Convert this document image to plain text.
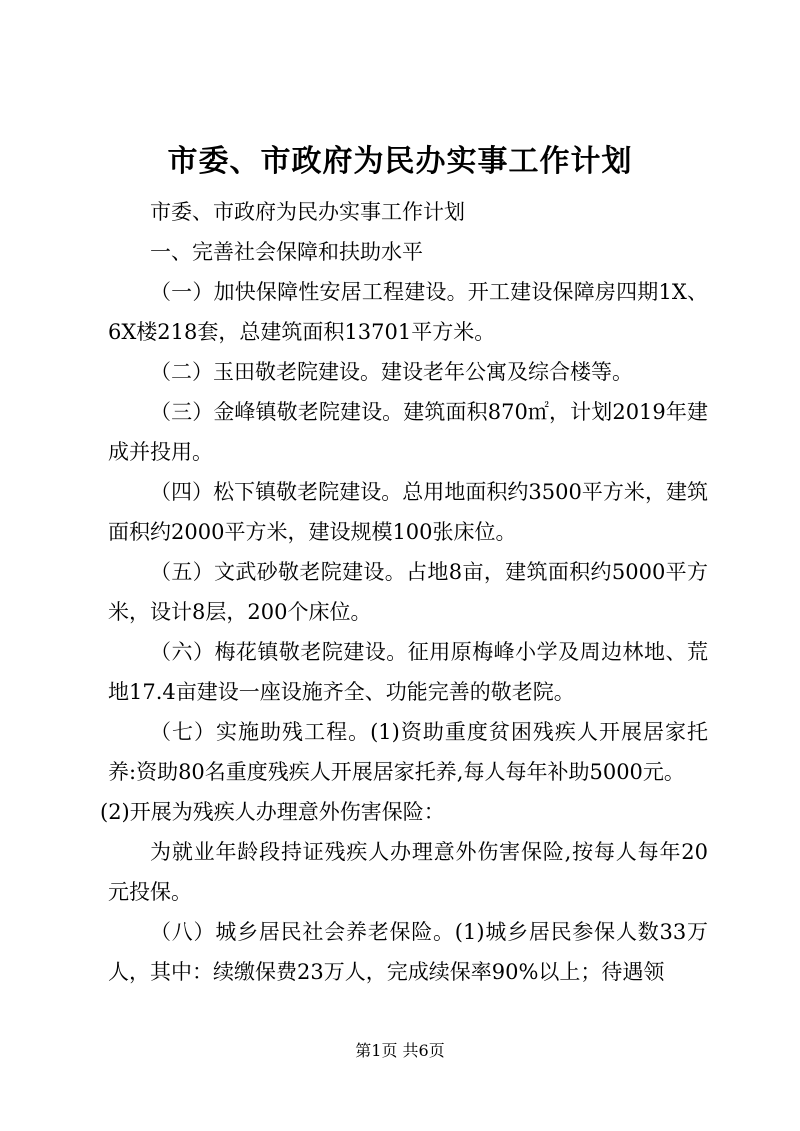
市委、市政府为民办实事工作计划

市委、市政府为民办实事工作计划

一、完善社会保障和扶助水平

（一）加快保障性安居工程建设。开工建设保障房四期1X、6X楼218套，总建筑面积13701平方米。

（二）玉田敬老院建设。建设老年公寓及综合楼等。

（三）金峰镇敬老院建设。建筑面积870㎡，计划2019年建成并投用。

（四）松下镇敬老院建设。总用地面积约3500平方米，建筑面积约2000平方米，建设规模100张床位。

（五）文武砂敬老院建设。占地8亩，建筑面积约5000平方米，设计8层，200个床位。

（六）梅花镇敬老院建设。征用原梅峰小学及周边林地、荒地17.4亩建设一座设施齐全、功能完善的敬老院。

（七）实施助残工程。(1)资助重度贫困残疾人开展居家托养:资助80名重度残疾人开展居家托养,每人每年补助5000元。

(2)开展为残疾人办理意外伤害保险：

为就业年龄段持证残疾人办理意外伤害保险,按每人每年20元投保。

（八）城乡居民社会养老保险。(1)城乡居民参保人数33万人，其中：续缴保费23万人，完成续保率90%以上；待遇领

第1页 共6页
